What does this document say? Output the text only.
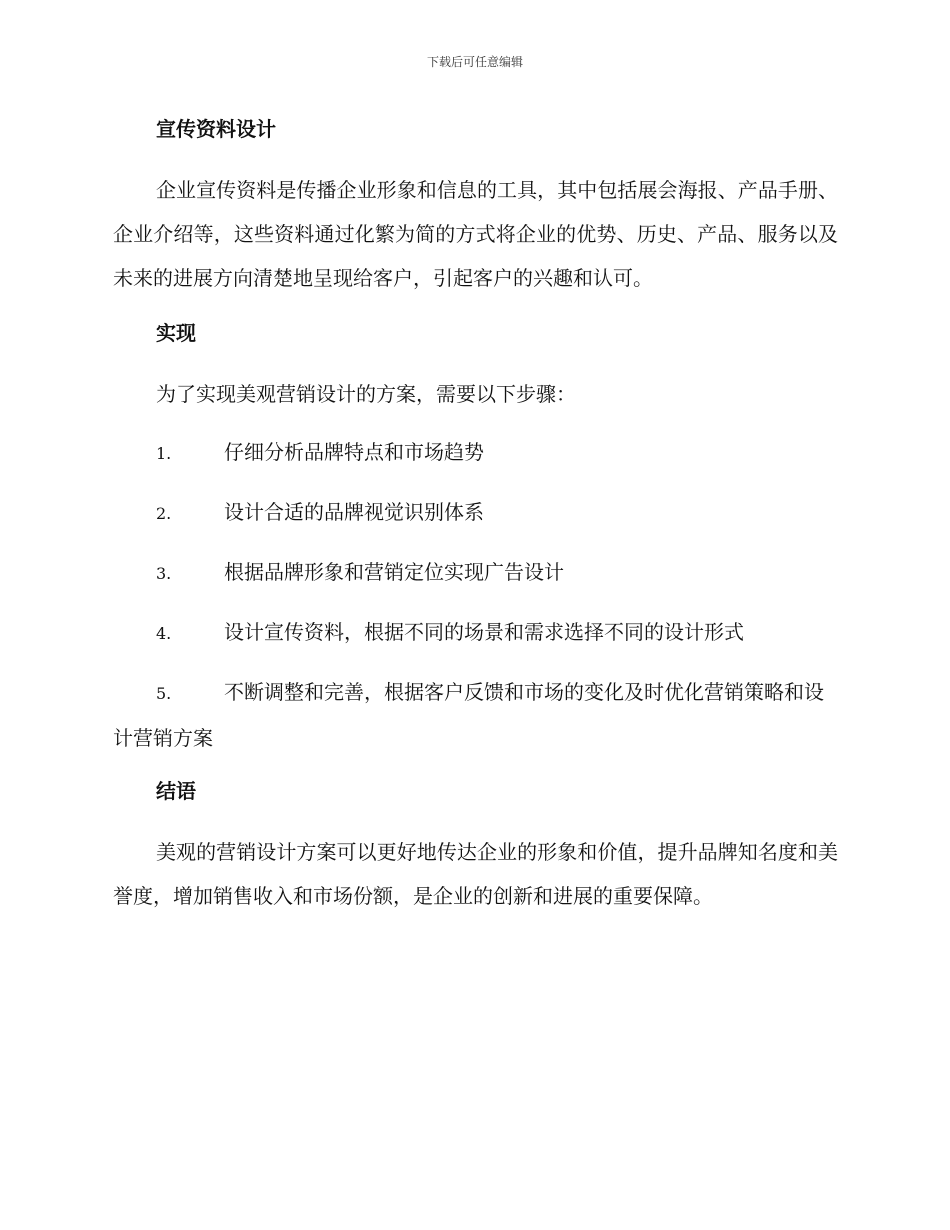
下载后可任意编辑
宣传资料设计

企业宣传资料是传播企业形象和信息的工具，其中包括展会海报、产品手册、企业介绍等，这些资料通过化繁为简的方式将企业的优势、历史、产品、服务以及未来的进展方向清楚地呈现给客户，引起客户的兴趣和认可。

实现

为了实现美观营销设计的方案，需要以下步骤：

1.	仔细分析品牌特点和市场趋势

2.	设计合适的品牌视觉识别体系

3.	根据品牌形象和营销定位实现广告设计

4.	设计宣传资料，根据不同的场景和需求选择不同的设计形式

5.	不断调整和完善，根据客户反馈和市场的变化及时优化营销策略和设计营销方案

结语

美观的营销设计方案可以更好地传达企业的形象和价值，提升品牌知名度和美誉度，增加销售收入和市场份额，是企业的创新和进展的重要保障。
